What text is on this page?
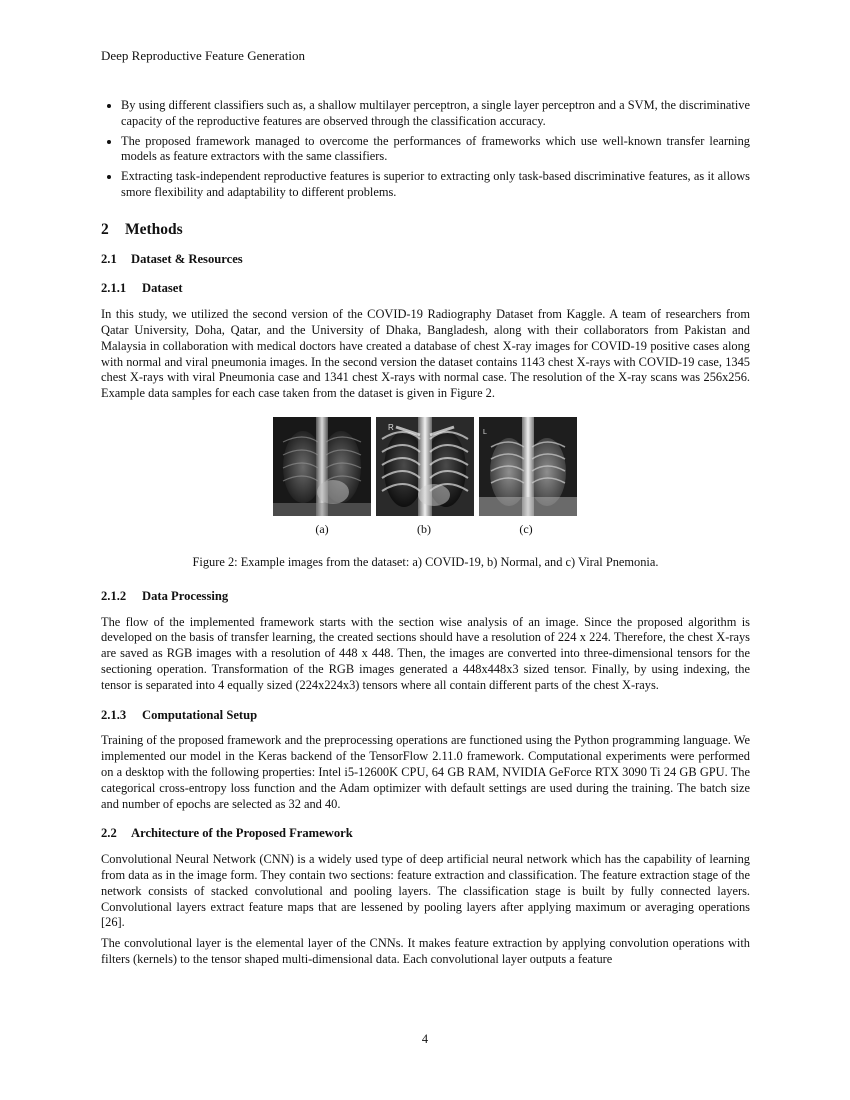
Deep Reproductive Feature Generation
• By using different classifiers such as, a shallow multilayer perceptron, a single layer perceptron and a SVM, the discriminative capacity of the reproductive features are observed through the classification accuracy.
• The proposed framework managed to overcome the performances of frameworks which use well-known transfer learning models as feature extractors with the same classifiers.
• Extracting task-independent reproductive features is superior to extracting only task-based discriminative features, as it allows smore flexibility and adaptability to different problems.
2 Methods
2.1 Dataset & Resources
2.1.1 Dataset

In this study, we utilized the second version of the COVID-19 Radiography Dataset from Kaggle. A team of researchers from Qatar University, Doha, Qatar, and the University of Dhaka, Bangladesh, along with their collaborators from Pakistan and Malaysia in collaboration with medical doctors have created a database of chest X-ray images for COVID-19 positive cases along with normal and viral pneumonia images. In the second version the dataset contains 1143 chest X-rays with COVID-19 case, 1345 chest X-rays with viral Pneumonia case and 1341 chest X-rays with normal case. The resolution of the X-ray scans was 256x256. Example data samples for each case taken from the dataset is given in Figure 2.

R
L
(a)	(b)	(c)

Figure 2: Example images from the dataset: a) COVID-19, b) Normal, and c) Viral Pnemonia.

2.1.2 Data Processing

The flow of the implemented framework starts with the section wise analysis of an image. Since the proposed algorithm is developed on the basis of transfer learning, the created sections should have a resolution of 224 x 224. Therefore, the chest X-rays are saved as RGB images with a resolution of 448 x 448. Then, the images are converted into three-dimensional tensors for the sectioning operation. Transformation of the RGB images generated a 448x448x3 sized tensor. Finally, by using indexing, the tensor is separated into 4 equally sized (224x224x3) tensors where all contain different parts of the chest X-rays.

2.1.3 Computational Setup

Training of the proposed framework and the preprocessing operations are functioned using the Python programming language. We implemented our model in the Keras backend of the TensorFlow 2.11.0 framework. Computational experiments were performed on a desktop with the following properties: Intel i5-12600K CPU, 64 GB RAM, NVIDIA GeForce RTX 3090 Ti 24 GB GPU. The categorical cross-entropy loss function and the Adam optimizer with default settings are used during the training. The batch size and number of epochs are selected as 32 and 40.

2.2 Architecture of the Proposed Framework

Convolutional Neural Network (CNN) is a widely used type of deep artificial neural network which has the capability of learning from data as in the image form. They contain two sections: feature extraction and classification. The feature extraction stage of the network consists of stacked convolutional and pooling layers. The classification stage is built by fully connected layers. Convolutional layers extract feature maps that are lessened by pooling layers after applying maximum or averaging operations [26].

The convolutional layer is the elemental layer of the CNNs. It makes feature extraction by applying convolution operations with filters (kernels) to the tensor shaped multi-dimensional data. Each convolutional layer outputs a feature

4
